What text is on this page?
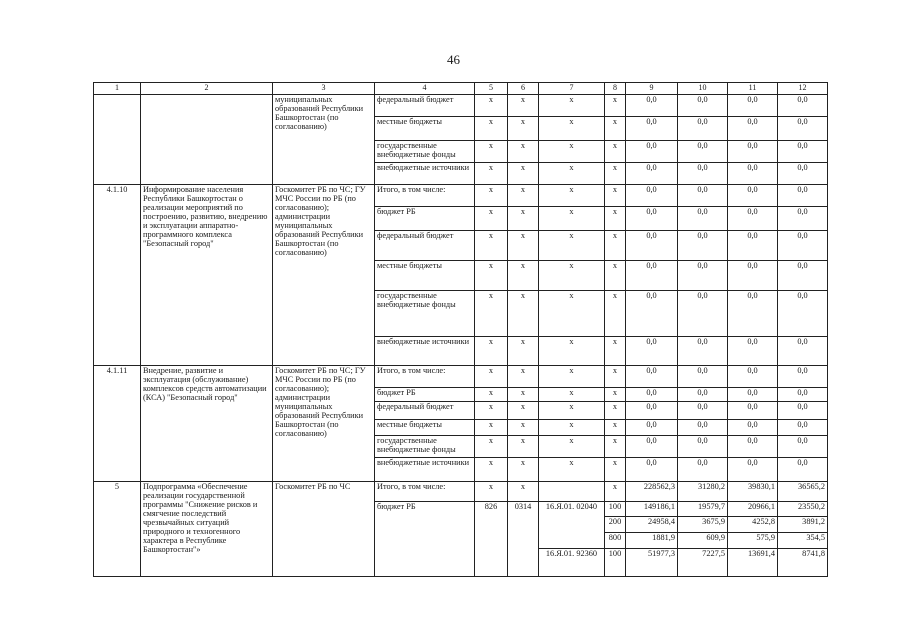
46
1	2	3	4	5	6	7	8	9	10	11	12
		муниципальных образований Республики Башкортостан (по согласованию)	федеральный бюджет	х	х	х	х	0,0	0,0	0,0	0,0
			местные бюджеты	х	х	х	х	0,0	0,0	0,0	0,0
			государственные внебюджетные фонды	х	х	х	х	0,0	0,0	0,0	0,0
			внебюджетные источники	х	х	х	х	0,0	0,0	0,0	0,0
4.1.10	Информирование населения Республики Башкортостан о реализации мероприятий по построению, развитию, внедрению и эксплуатации аппаратно-программного комплекса "Безопасный город"	Госкомитет РБ по ЧС; ГУ МЧС России по РБ (по согласованию); администрации муниципальных образований Республики Башкортостан (по согласованию)	Итого, в том числе:	х	х	х	х	0,0	0,0	0,0	0,0
			бюджет РБ	х	х	х	х	0,0	0,0	0,0	0,0
			федеральный бюджет	х	х	х	х	0,0	0,0	0,0	0,0
			местные бюджеты	х	х	х	х	0,0	0,0	0,0	0,0
			государственные внебюджетные фонды	х	х	х	х	0,0	0,0	0,0	0,0
			внебюджетные источники	х	х	х	х	0,0	0,0	0,0	0,0
4.1.11	Внедрение, развитие и эксплуатация (обслуживание) комплексов средств автоматизации (КСА) "Безопасный город"	Госкомитет РБ по ЧС; ГУ МЧС России по РБ (по согласованию); администрации муниципальных образований Республики Башкортостан (по согласованию)	Итого, в том числе:	х	х	х	х	0,0	0,0	0,0	0,0
			бюджет РБ	х	х	х	х	0,0	0,0	0,0	0,0
			федеральный бюджет	х	х	х	х	0,0	0,0	0,0	0,0
			местные бюджеты	х	х	х	х	0,0	0,0	0,0	0,0
			государственные внебюджетные фонды	х	х	х	х	0,0	0,0	0,0	0,0
			внебюджетные источники	х	х	х	х	0,0	0,0	0,0	0,0
5	Подпрограмма «Обеспечение реализации государственной программы "Снижение рисков и смягчение последствий чрезвычайных ситуаций природного и техногенного характера в Республике Башкортостан"»	Госкомитет РБ по ЧС	Итого, в том числе:	х	х		х	228562,3	31280,2	39830,1	36565,2
			бюджет РБ	826	0314	16.Я.01. 02040	100	149186,1	19579,7	20966,1	23550,2
							200	24958,4	3675,9	4252,8	3891,2
							800	1881,9	609,9	575,9	354,5
						16.Я.01. 92360	100	51977,3	7227,5	13691,4	8741,8
